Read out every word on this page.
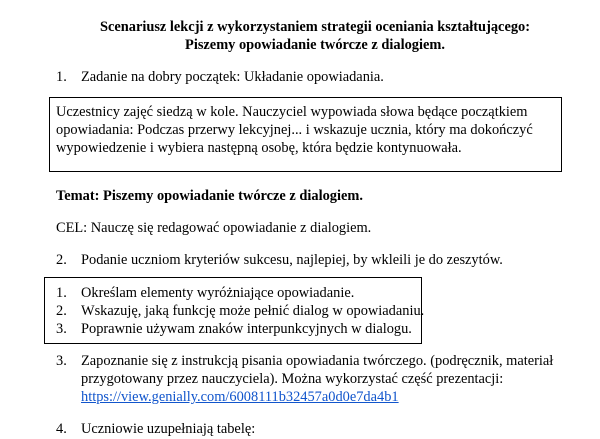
Scenariusz lekcji z wykorzystaniem strategii oceniania kształtującego:
Piszemy opowiadanie twórcze z dialogiem.
1. Zadanie na dobry początek: Układanie opowiadania.
Uczestnicy zajęć siedzą w kole. Nauczyciel wypowiada słowa będące początkiem
opowiadania: Podczas przerwy lekcyjnej... i wskazuje ucznia, który ma dokończyć
wypowiedzenie i wybiera następną osobę, która będzie kontynuowała.
Temat: Piszemy opowiadanie twórcze z dialogiem.
CEL: Nauczę się redagować opowiadanie z dialogiem.
2. Podanie uczniom kryteriów sukcesu, najlepiej, by wkleili je do zeszytów.
1. Określam elementy wyróżniające opowiadanie.
2. Wskazuję, jaką funkcję może pełnić dialog w opowiadaniu.
3. Poprawnie używam znaków interpunkcyjnych w dialogu.
3. Zapoznanie się z instrukcją pisania opowiadania twórczego. (podręcznik, materiał
przygotowany przez nauczyciela). Można wykorzystać część prezentacji:
https://view.genially.com/6008111b32457a0d0e7da4b1
4. Uczniowie uzupełniają tabelę:
